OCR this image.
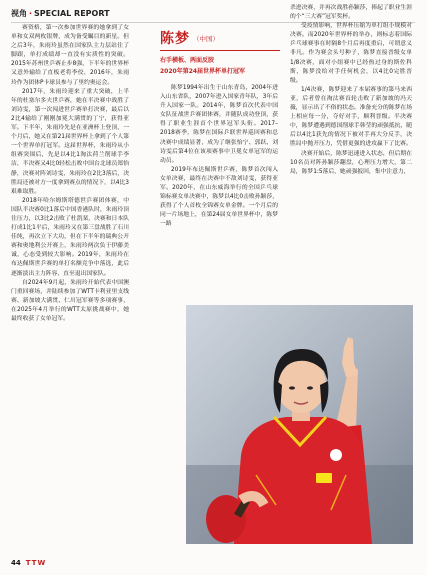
视角 · SPECIAL REPORT

赛资格，第一次参加世界赛的她拿到了女单和女双两枚银牌，成为备受瞩目的新星。但之后3年，朱雨玲虽然在国家队主力层站住了脚跟，单打成绩却一直没有实质性的突破。2015年苏州世乒赛止步8强，下半年的世界杯又意外输给了直板老将李佼，2016年，朱雨玲作为团体P卡球员参与了里约奥运会。

2017年，朱雨玲迎来了重大突破，上半年的杜塞尔多夫世乒赛，她在半决赛中战胜了刘诗雯，第一次闯进世乒赛单打决赛，最后以2比4输给了刚刚加冕大满贯的丁宁，获得亚军。下半年，朱雨玲先是在亚洲杯上登顶，一个月后，她又在第21届世界杯上拿到了个人第一个世界单打冠军。这届世界杯，朱雨玲从小组赛突围后，先是以4比1淘汰荷兰削球手李洁，半决赛又4比0轻松击败中国台北球员郑怡静，决赛对阵刘诗雯，朱雨玲在2比3落后，决胜局还被对方一度拿到赛点的情况下，以4比3艰难取胜。

2018年哈尔姆斯塔德世乒赛团体赛，中国队半决赛0比1落后中国香港队时，朱雨玲顶住压力，以3比2击败了杜凯琹，决赛和日本队打成1比1平后，朱雨玲又在第三盘战胜了石川佳纯，再次立下大功，但在下半年的瑞典公开赛和奥地利公开赛上，朱雨玲两次负于伊藤美诚，心态受到较大影响。2019年，朱雨玲在布达佩斯世乒赛的单打名额竞争中落选，此后逐渐淡出主力阵容，直至退出国家队。

自2024年9月起，朱雨玲开始代表中国澳门重回赛场，并陆续参加了WTT卡利亚里支线赛、新加坡大满贯、仁川冠军赛等多项赛事，在2025年4月举行的WTT太原挑战赛中，她最终收获了女单冠军。

陈梦 （中国）
右手横板、两面反胶
2020年第24届世界杯单打冠军

陈梦1994年出生于山东青岛，2004年进入山东省队，2007年进入国家青年队，3年后升入国家一队。2014年，陈梦首次代表中国女队征战世乒赛团体赛，并随队成功登顶，获得了职业生涯首个世界冠军头衔。2017–2018赛季，陈梦在国际乒联世界巡回赛和总决赛中成绩显著，成为了继张怡宁、郭跃、刘诗雯后第4位在该项赛事中卫冕女单冠军的运动员。

2019年布达佩斯世乒赛，陈梦首次闯入女单决赛，最终在决赛中不敌刘诗雯，获得亚军。2020年，在山东威海举行的全国乒乓球锦标赛女单决赛中，陈梦以4比0击败孙颖莎，获得了个人首枚全锦赛女单金牌。一个月后的同一片场地上，在第24届女单世界杯中，陈梦一路

杀进决赛，并再次战胜孙颖莎，捧起了职业生涯的个“三大赛”冠军奖杯。

受疫情影响，世界杯压缩为单打组小规模对决赛。而2020年世界杯的举办，则标志着国际乒乓球赛事在时隔8个月后再度重启，可谓意义非凡。作为赛会头号种子，陈梦直接晋级女单1/8决赛，面对小组赛中已经热过身的斯佐科斯，陈梦没给对手任何机会，以4比0完胜晋级。

1/4决赛，陈梦迎来了本届赛事的第马来西亚，后者曾在淘汰赛首轮击败了新加坡的冯天薇，显示出了不俗的状态。准备充分的陈梦在场上相应每一分，夺好对手，顺利晋级。半决赛中，陈梦遭遇到德国削球手韩莹的顽强抵抗，随后以4比1获先的情况下被对手再大分反手，决胜局中抛开压力，凭借更强的进攻赢下了比赛。

决赛开始后，陈梦迅速进入状态，但后期在10名员对阵孙颖莎翻盘，心理压力增大，第二局，陈梦1:5落后，她顽强扳回，集中注意力，

44 TTW
